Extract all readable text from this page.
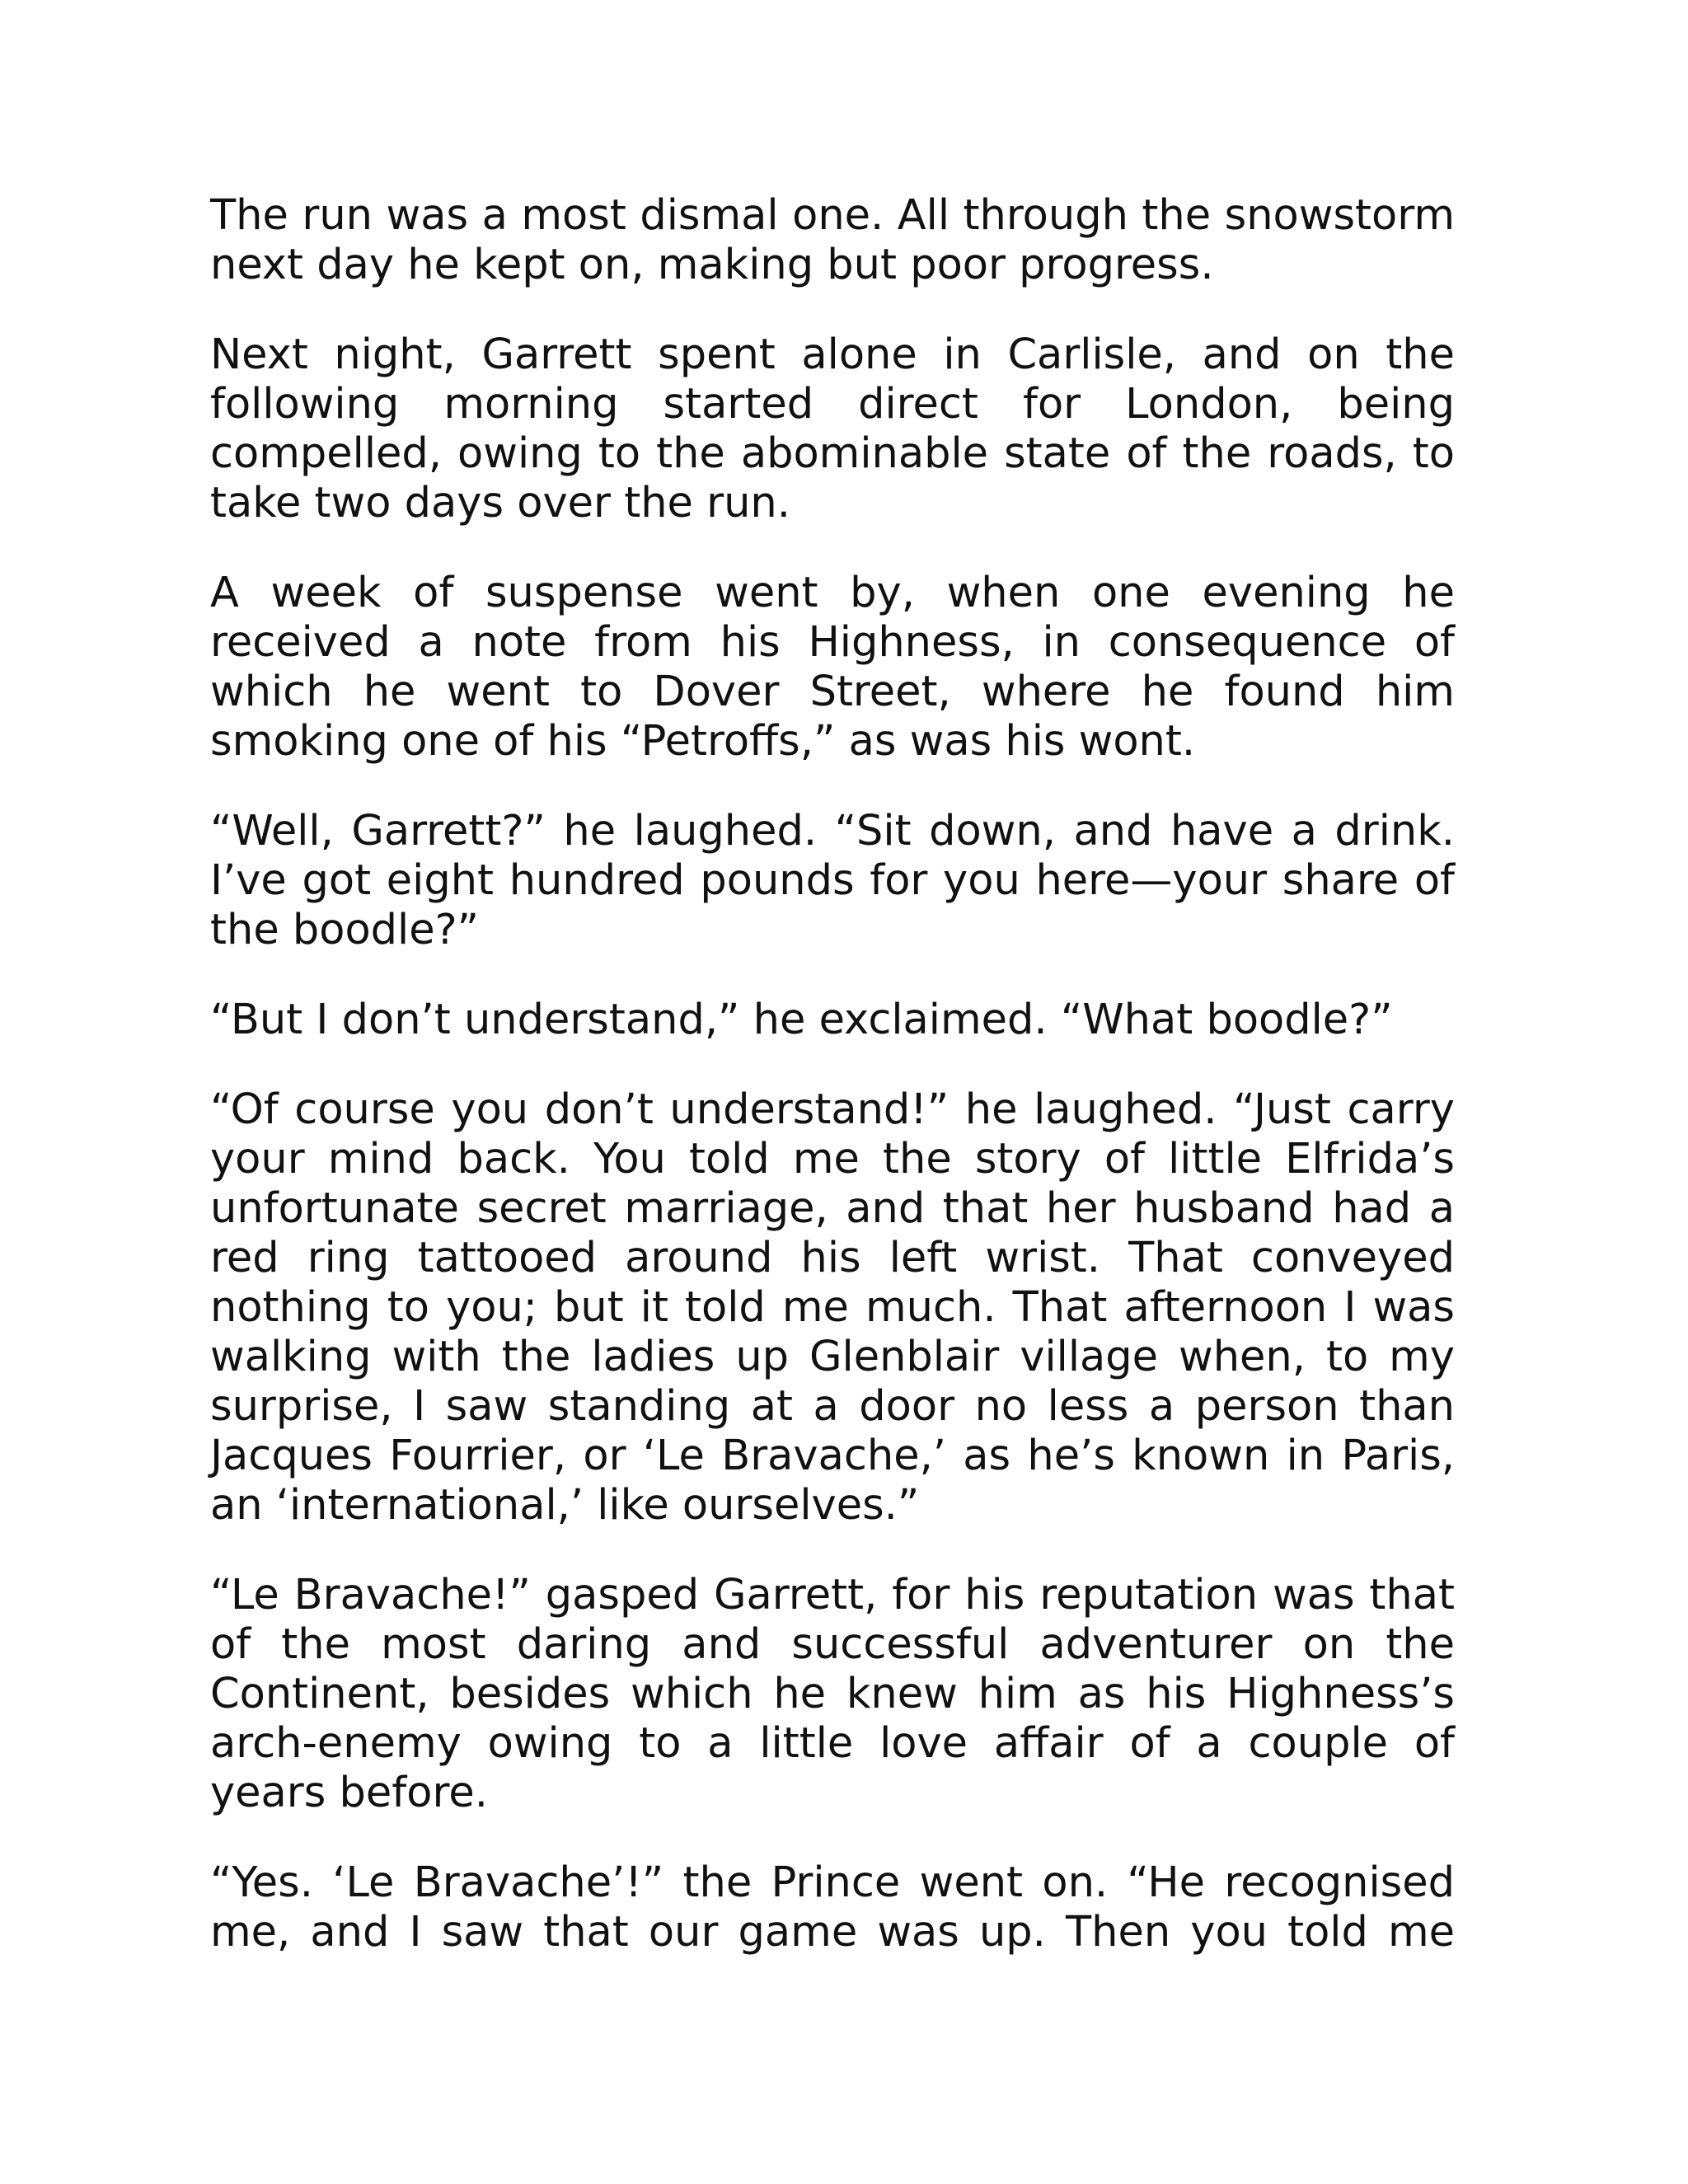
The run was a most dismal one. All through the snowstorm next day he kept on, making but poor progress.

Next night, Garrett spent alone in Carlisle, and on the following morning started direct for London, being compelled, owing to the abominable state of the roads, to take two days over the run.

A week of suspense went by, when one evening he received a note from his Highness, in consequence of which he went to Dover Street, where he found him smoking one of his “Petroffs,” as was his wont.

“Well, Garrett?” he laughed. “Sit down, and have a drink. I’ve got eight hundred pounds for you here—your share of the boodle?”

“But I don’t understand,” he exclaimed. “What boodle?”

“Of course you don’t understand!” he laughed. “Just carry your mind back. You told me the story of little Elfrida’s unfortunate secret marriage, and that her husband had a red ring tattooed around his left wrist. That conveyed nothing to you; but it told me much. That afternoon I was walking with the ladies up Glenblair village when, to my surprise, I saw standing at a door no less a person than Jacques Fourrier, or ‘Le Bravache,’ as he’s known in Paris, an ‘international,’ like ourselves.”

“Le Bravache!” gasped Garrett, for his reputation was that of the most daring and successful adventurer on the Continent, besides which he knew him as his Highness’s arch-enemy owing to a little love affair of a couple of years before.

“Yes. ‘Le Bravache’!” the Prince went on. “He recognised me, and I saw that our game was up. Then you told me
